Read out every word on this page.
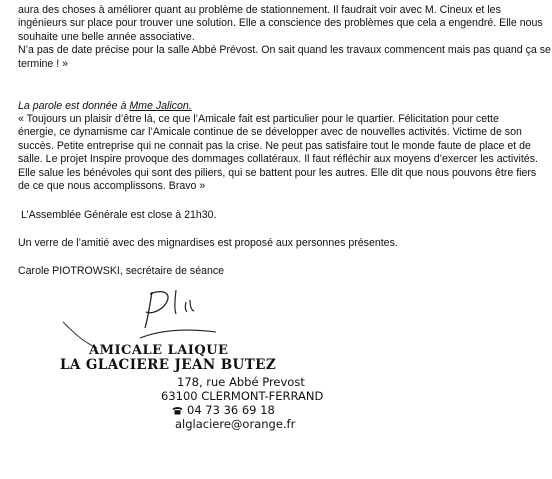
aura des choses à améliorer quant au problème de stationnement. Il faudrait voir avec M. Cineux et les
ingénieurs sur place pour trouver une solution. Elle a conscience des problèmes que cela a engendré. Elle nous
souhaite une belle année associative.
N’a pas de date précise pour la salle Abbé Prévost. On sait quand les travaux commencent mais pas quand ça se
termine ! »
La parole est donnée à Mme Jalicon.
« Toujours un plaisir d’être là, ce que l’Amicale fait est particulier pour le quartier. Félicitation pour cette
énergie, ce dynamisme car l’Amicale continue de se développer avec de nouvelles activités. Victime de son
succès. Petite entreprise qui ne connait pas la crise. Ne peut pas satisfaire tout le monde faute de place et de
salle. Le projet Inspire provoque des dommages collatéraux. Il faut réfléchir aux moyens d’exercer les activités.
Elle salue les bénévoles qui sont des piliers, qui se battent pour les autres. Elle dit que nous pouvons être fiers
de ce que nous accomplissons. Bravo »
L’Assemblée Générale est close à 21h30.
Un verre de l’amitié avec des mignardises est proposé aux personnes présentes.
Carole PIOTROWSKI, secrétaire de séance
AMICALE LAIQUE
LA GLACIERE JEAN BUTEZ
178, rue Abbé Prevost
63100 CLERMONT-FERRAND
04 73 36 69 18
alglaciere@orange.fr
